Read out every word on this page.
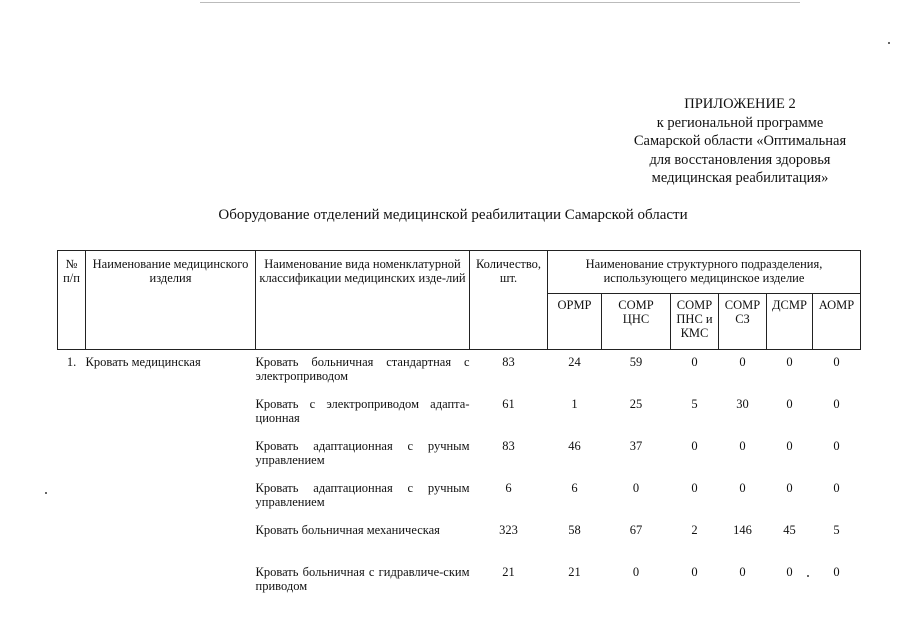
ПРИЛОЖЕНИЕ 2
к региональной программе
Самарской области «Оптимальная
для восстановления здоровья
медицинская реабилитация»
Оборудование отделений медицинской реабилитации Самарской области
№ п/п	Наименование медицинского изделия	Наименование вида номенклатурной классификации медицинских изде-лий	Количество, шт.	Наименование структурного подразделения, использующего медицинское изделие					
				ОРМР	СОМР ЦНС	СОМР ПНС и КМС	СОМР СЗ	ДСМР	АОМР
1.	Кровать медицинская	Кровать больничная стандартная с электроприводом	83	24	59	0	0	0	0
		Кровать с электроприводом адапта-ционная	61	1	25	5	30	0	0
		Кровать адаптационная с ручным управлением	83	46	37	0	0	0	0
		Кровать адаптационная с ручным управлением	6	6	0	0	0	0	0
		Кровать больничная механическая	323	58	67	2	146	45	5
		Кровать больничная с гидравличе-ским приводом	21	21	0	0	0	0	0
